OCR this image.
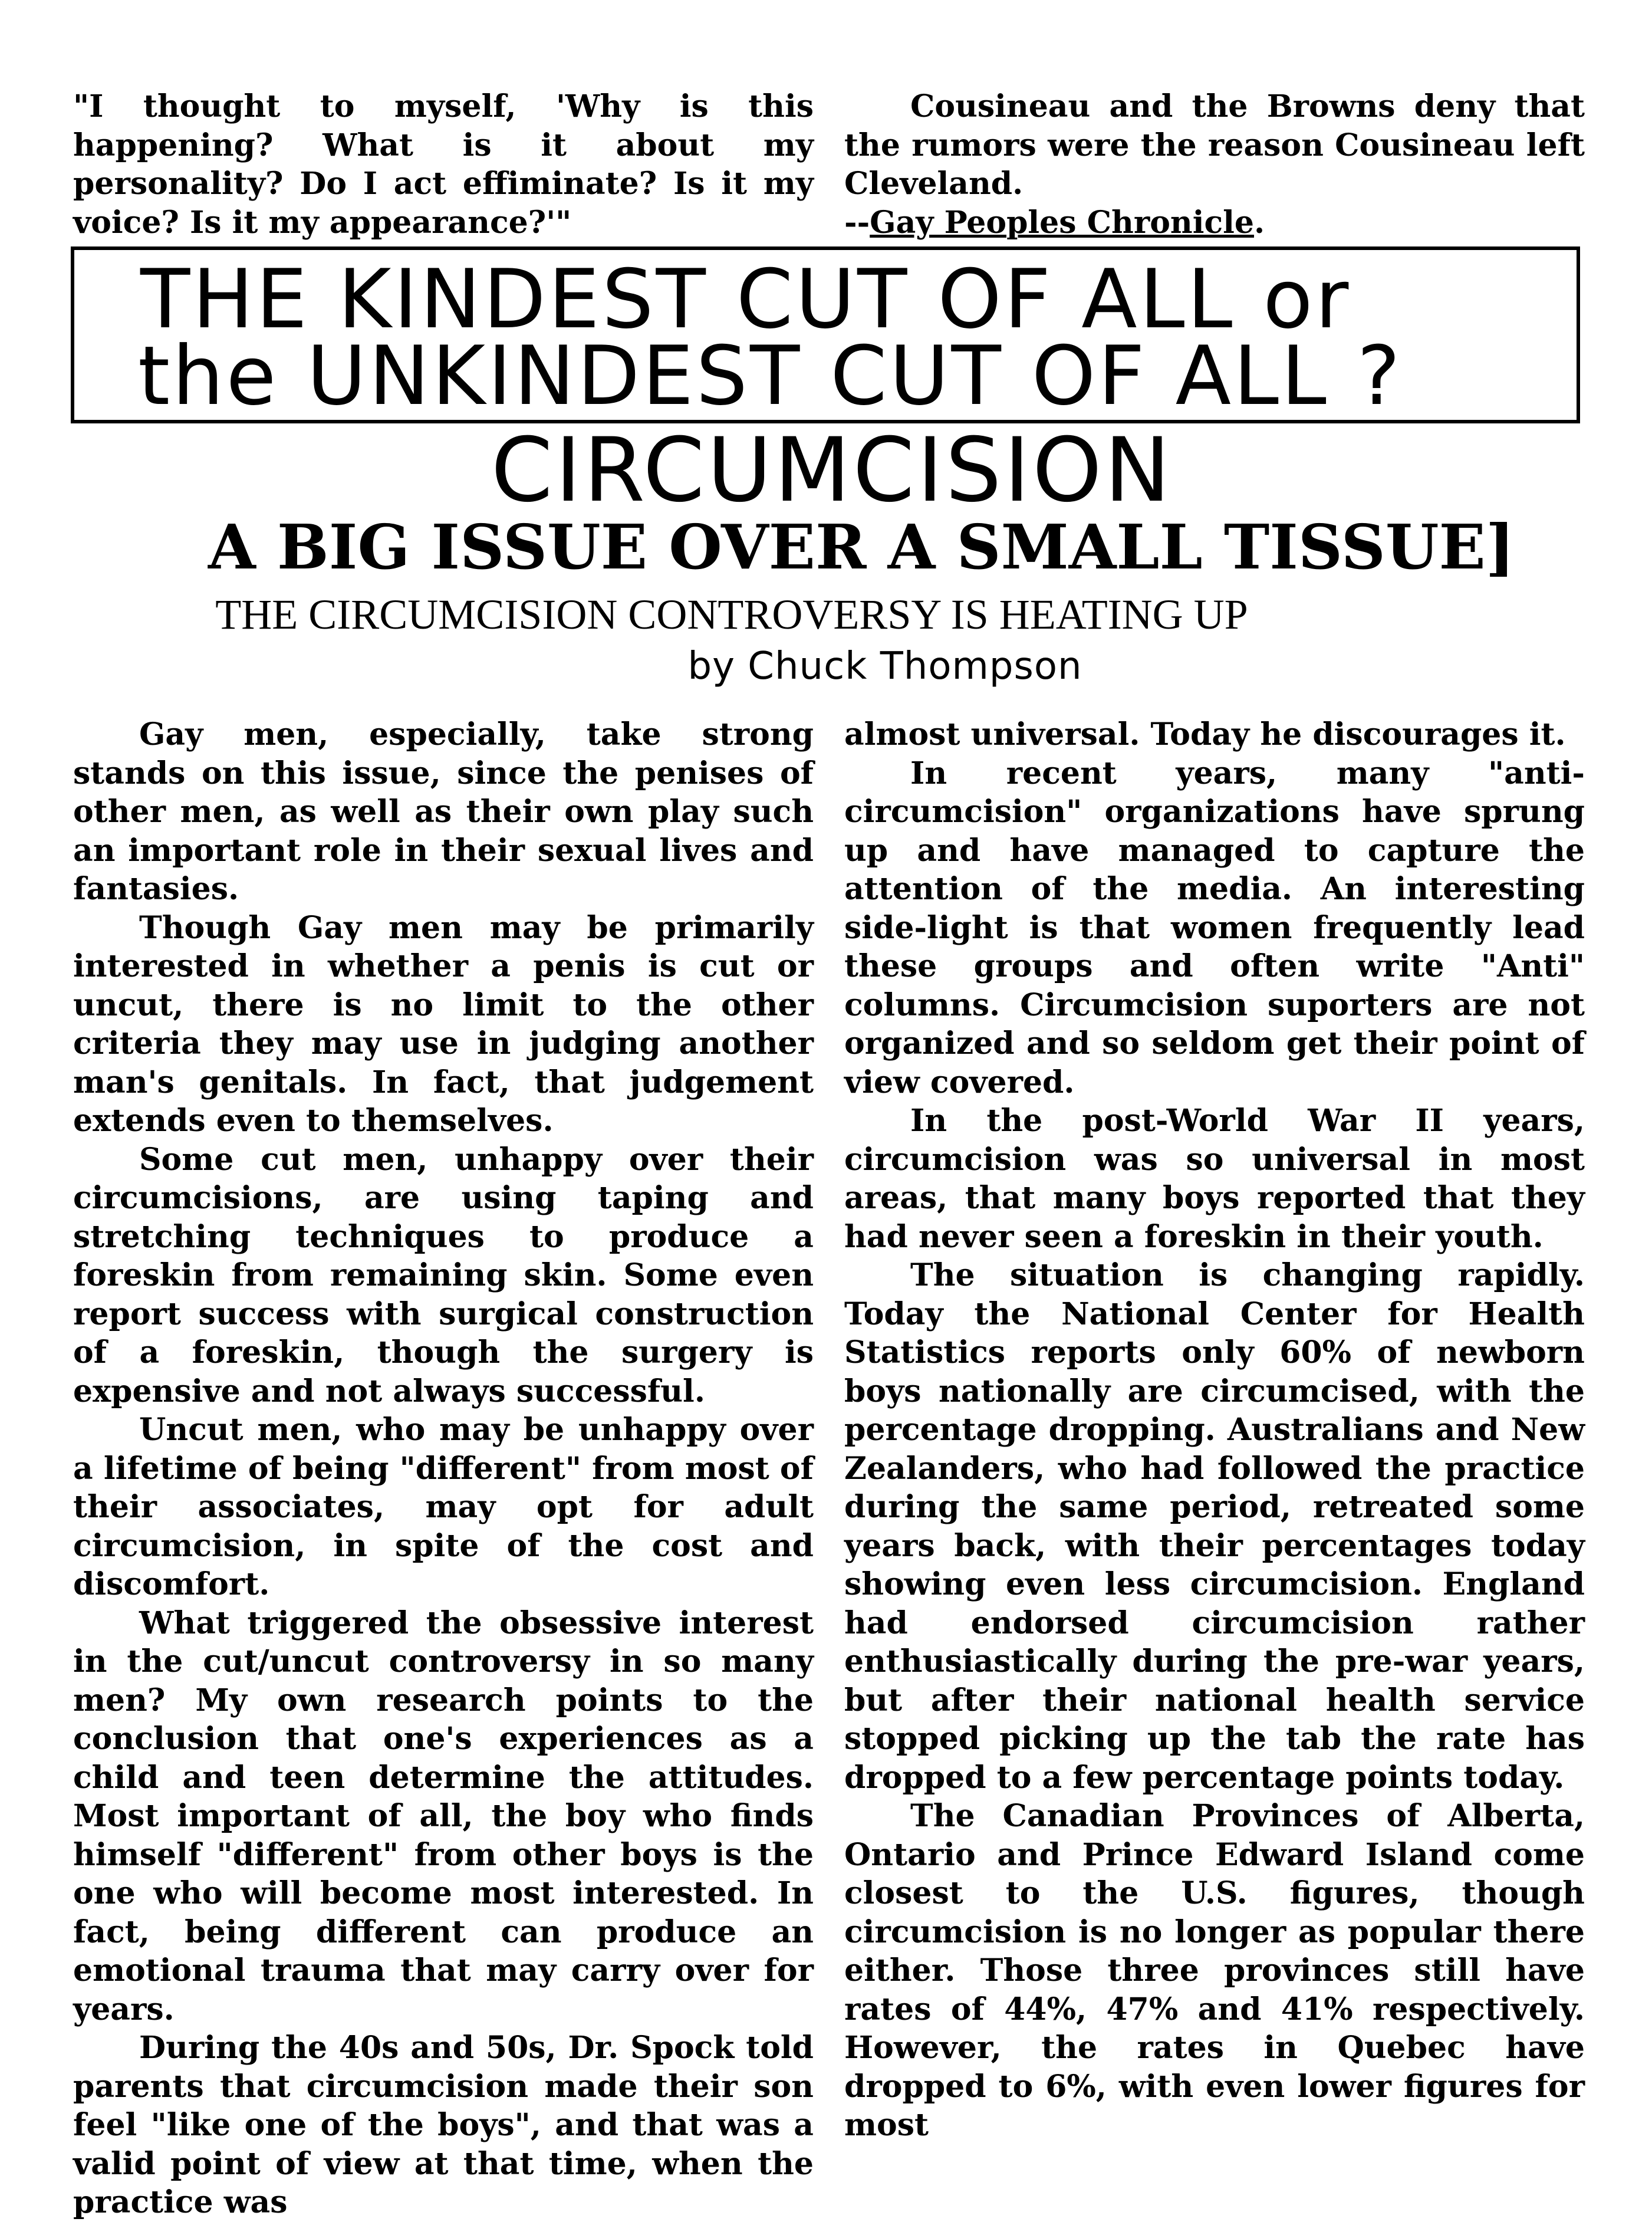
"I thought to myself, 'Why is this happening? What is it about my personality? Do I act effiminate? Is it my voice? Is it my appearance?'"

Cousineau and the Browns deny that the rumors were the reason Cousineau left Cleveland.

--Gay Peoples Chronicle.

THE KINDEST CUT OF ALL or
the UNKINDEST CUT OF ALL ?
CIRCUMCISION
A BIG ISSUE OVER A SMALL TISSUE]
THE CIRCUMCISION CONTROVERSY IS HEATING UP
by Chuck Thompson

Gay men, especially, take strong stands on this issue, since the penises of other men, as well as their own play such an important role in their sexual lives and fantasies.

Though Gay men may be primarily interested in whether a penis is cut or uncut, there is no limit to the other criteria they may use in judging another man's genitals. In fact, that judgement extends even to themselves.

Some cut men, unhappy over their circumcisions, are using taping and stretching techniques to produce a foreskin from remaining skin. Some even report success with surgical construction of a foreskin, though the surgery is expensive and not always successful.

Uncut men, who may be unhappy over a lifetime of being "different" from most of their associates, may opt for adult circumcision, in spite of the cost and discomfort.

What triggered the obsessive interest in the cut/uncut controversy in so many men? My own research points to the conclusion that one's experiences as a child and teen determine the attitudes. Most important of all, the boy who finds himself "different" from other boys is the one who will become most interested. In fact, being different can produce an emotional trauma that may carry over for years.

During the 40s and 50s, Dr. Spock told parents that circumcision made their son feel "like one of the boys", and that was a valid point of view at that time, when the practice was

almost universal. Today he discourages it.

In recent years, many "anti-circumcision" organizations have sprung up and have managed to capture the attention of the media. An interesting side-light is that women frequently lead these groups and often write "Anti" columns. Circumcision suporters are not organized and so seldom get their point of view covered.

In the post-World War II years, circumcision was so universal in most areas, that many boys reported that they had never seen a foreskin in their youth.

The situation is changing rapidly. Today the National Center for Health Statistics reports only 60% of newborn boys nationally are circumcised, with the percentage dropping. Australians and New Zealanders, who had followed the practice during the same period, retreated some years back, with their percentages today showing even less circumcision. England had endorsed circumcision rather enthusiastically during the pre-war years, but after their national health service stopped picking up the tab the rate has dropped to a few percentage points today.

The Canadian Provinces of Alberta, Ontario and Prince Edward Island come closest to the U.S. figures, though circumcision is no longer as popular there either. Those three provinces still have rates of 44%, 47% and 41% respectively. However, the rates in Quebec have dropped to 6%, with even lower figures for most
